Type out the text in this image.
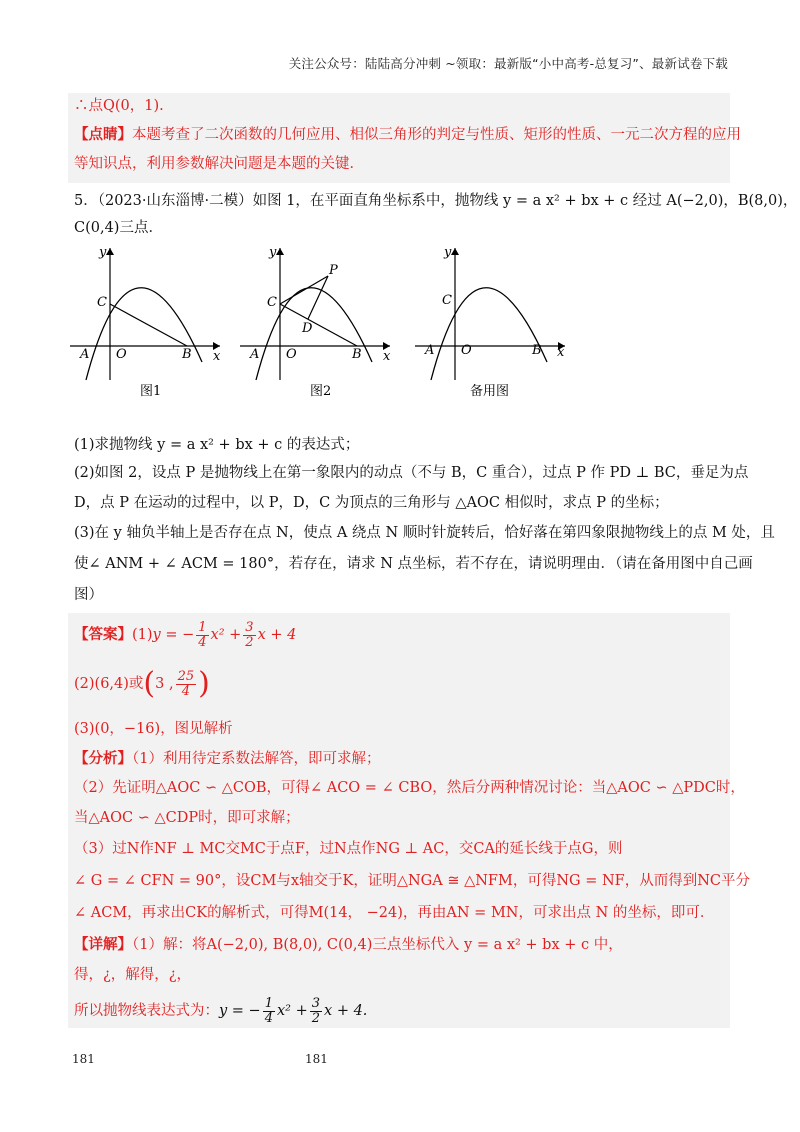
关注公众号：陆陆高分冲刺 ~领取：最新版“小中高考-总复习”、最新试卷下载
∴点Q(0，1).
【点睛】本题考查了二次函数的几何应用、相似三角形的判定与性质、矩形的性质、一元二次方程的应用
等知识点，利用参数解决问题是本题的关键．
5．（2023·山东淄博·二模）如图 1，在平面直角坐标系中，抛物线 y = a x² + bx + c 经过 A(−2,0)，B(8,0)，
C(0,4)三点．
y
x
A O	B
C
图1
y
x
A O	B
C
P
D
图2
y
x
A O	B
C
备用图
(1)求抛物线 y = a x² + bx + c 的表达式；
(2)如图 2，设点 P 是抛物线上在第一象限内的动点（不与 B，C 重合），过点 P 作 PD ⊥ BC，垂足为点
D，点 P 在运动的过程中，以 P，D，C 为顶点的三角形与 △AOC 相似时，求点 P 的坐标；
(3)在 y 轴负半轴上是否存在点 N，使点 A 绕点 N 顺时针旋转后，恰好落在第四象限抛物线上的点 M 处，且
使∠ ANM + ∠ ACM = 180°，若存在，请求 N 点坐标，若不存在，请说明理由．（请在备用图中自己画
图）
【答案】(1)y = − $\frac{1}{4} x^2 + \frac{3}{2}$ x + 4
(2)(6,4)或(3 , $\frac{25}{4}$ )
(3)(0，−16)，图见解析
【分析】（1）利用待定系数法解答，即可求解；
（2）先证明△AOC ∽ △COB，可得∠ ACO = ∠ CBO，然后分两种情况讨论：当△AOC ∽ △PDC时，
当△AOC ∽ △CDP时，即可求解；
（3）过N作NF ⊥ MC交MC于点F，过N点作NG ⊥ AC，交CA的延长线于点G，则
∠ G = ∠ CFN = 90°，设CM与x轴交于K，证明△NGA ≅ △NFM，可得NG = NF，从而得到NC平分
∠ ACM，再求出CK的解析式，可得M(14， −24)，再由AN = MN，可求出点 N 的坐标，即可．
【详解】（1）解：将A(−2,0), B(8,0), C(0,4)三点坐标代入 y = a x² + bx + c 中，
得，¿，解得，¿，
所以抛物线表达式为：y = − $\frac{1}{4} x^2 + \frac{3}{2}$ x + 4.
181	181
